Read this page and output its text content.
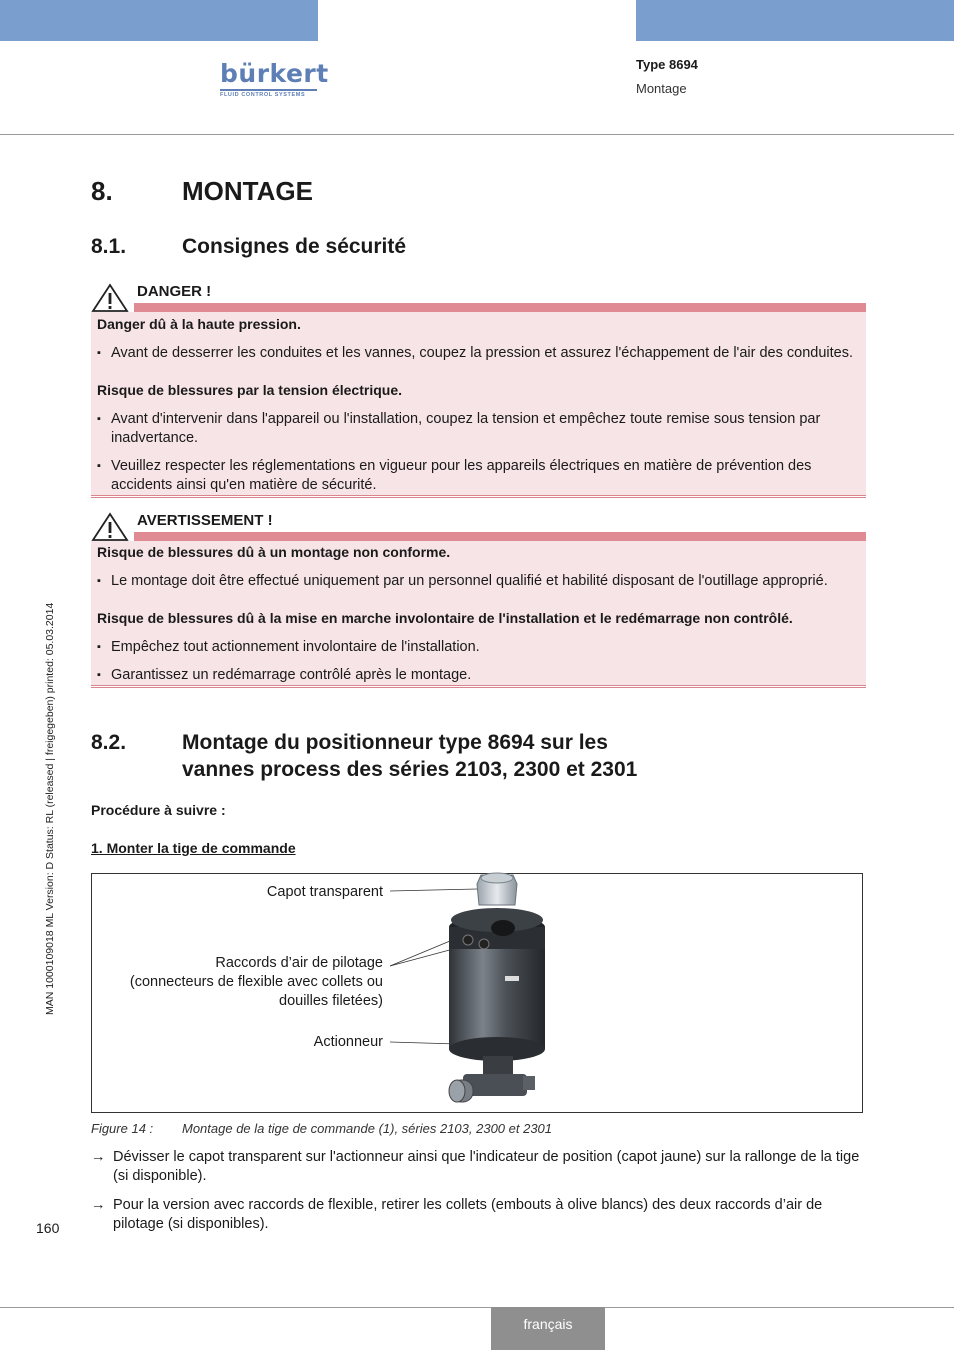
bürkert
FLUID CONTROL SYSTEMS
Type 8694
Montage
MAN 1000109018 ML Version: D Status: RL (released | freigegeben) printed: 05.03.2014
8.	MONTAGE
8.1.	Consignes de sécurité
DANGER !
Danger dû à la haute pression.
▪ Avant de desserrer les conduites et les vannes, coupez la pression et assurez l'échappement de l'air des conduites.
Risque de blessures par la tension électrique.
▪ Avant d'intervenir dans l'appareil ou l'installation, coupez la tension et empêchez toute remise sous tension par inadvertance.
▪ Veuillez respecter les réglementations en vigueur pour les appareils électriques en matière de prévention des accidents ainsi qu'en matière de sécurité.
AVERTISSEMENT !
Risque de blessures dû à un montage non conforme.
▪ Le montage doit être effectué uniquement par un personnel qualifié et habilité disposant de l'outillage approprié.
Risque de blessures dû à la mise en marche involontaire de l'installation et le redémarrage non contrôlé.
▪ Empêchez tout actionnement involontaire de l'installation.
▪ Garantissez un redémarrage contrôlé après le montage.
8.2.	Montage du positionneur type 8694 sur les
vannes process des séries 2103, 2300 et 2301
Procédure à suivre :
1. Monter la tige de commande
Capot transparent
Raccords d’air de pilotage
(connecteurs de flexible avec collets ou
douilles filetées)
Actionneur
Figure 14 : Montage de la tige de commande (1), séries 2103, 2300 et 2301
→ Dévisser le capot transparent sur l'actionneur ainsi que l'indicateur de position (capot jaune) sur la rallonge de la tige (si disponible).
→ Pour la version avec raccords de flexible, retirer les collets (embouts à olive blancs) des deux raccords d’air de pilotage (si disponibles).
160
français
